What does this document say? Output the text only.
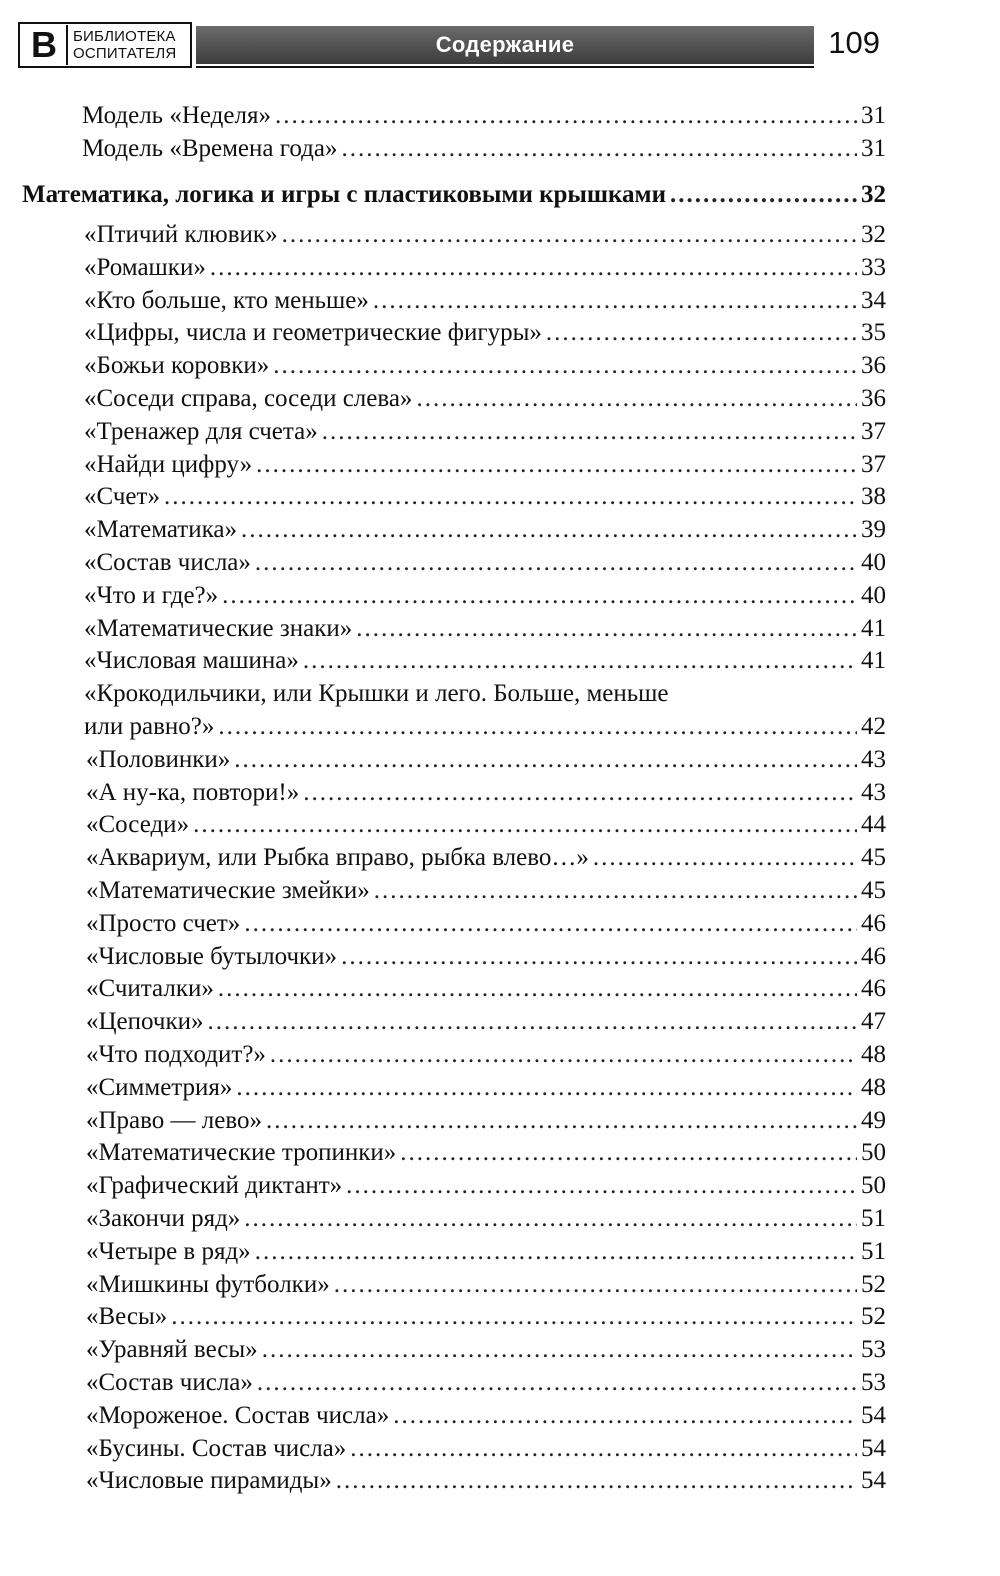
В	БИБЛИОТЕКА
ОСПИТАТЕЛЯ	Содержание	109
Модель «Неделя» .....	31
Модель «Времена года» .....	31
Математика, логика и игры с пластиковыми крышками .....	32
«Птичий клювик» .....	32
«Ромашки» .....	33
«Кто больше, кто меньше» .....	34
«Цифры, числа и геометрические фигуры» .....	35
«Божьи коровки» .....	36
«Соседи справа, соседи слева» .....	36
«Тренажер для счета» .....	37
«Найди цифру» .....	37
«Счет» .....	38
«Математика» .....	39
«Состав числа» .....	40
«Что и где?» .....	40
«Математические знаки» .....	41
«Числовая машина» .....	41
«Крокодильчики, или Крышки и лего. Больше, меньше
или равно?» .....	42
«Половинки» .....	43
«А ну-ка, повтори!» .....	43
«Соседи» .....	44
«Аквариум, или Рыбка вправо, рыбка влево…» .....	45
«Математические змейки» .....	45
«Просто счет» .....	46
«Числовые бутылочки» .....	46
«Считалки» .....	46
«Цепочки» .....	47
«Что подходит?» .....	48
«Симметрия» .....	48
«Право — лево» .....	49
«Математические тропинки» .....	50
«Графический диктант» .....	50
«Закончи ряд» .....	51
«Четыре в ряд» .....	51
«Мишкины футболки» .....	52
«Весы» .....	52
«Уравняй весы» .....	53
«Состав числа» .....	53
«Мороженое. Состав числа» .....	54
«Бусины. Состав числа» .....	54
«Числовые пирамиды» .....	54
